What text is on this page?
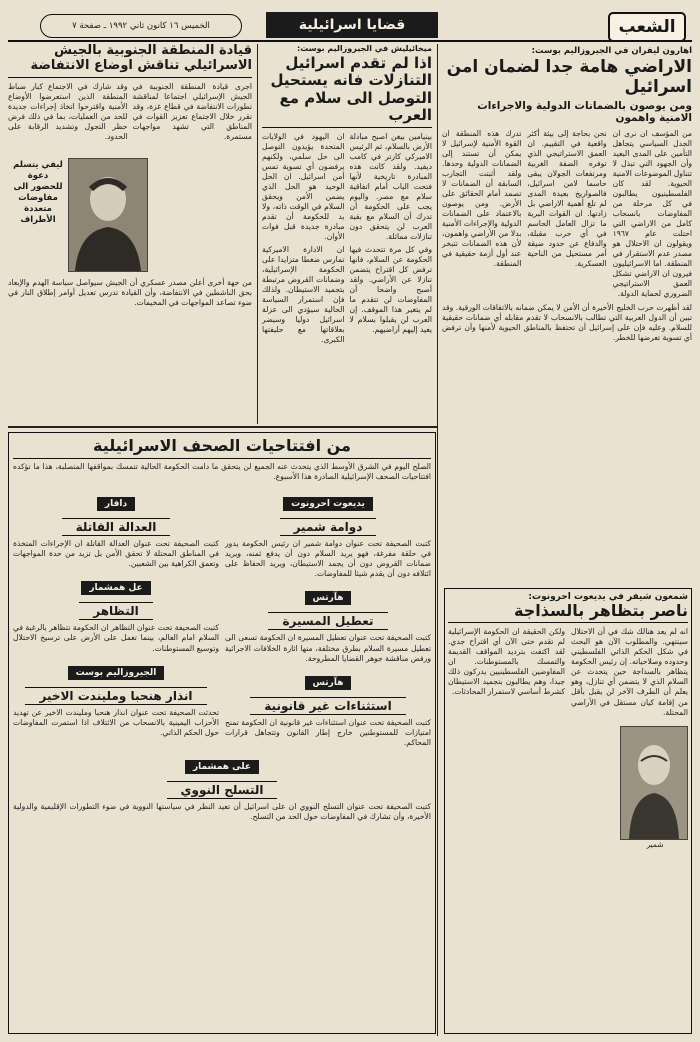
الشعب
قضايا اسرائيلية
الخميس ١٦ كانون ثاني ١٩٩٢ ـ صفحة ٧
اهارون ليفران في الجيروزاليم بوست:
الاراضي هامة جدا لضمان امن اسرائيل
ومن يوصون بالضمانات الدولية والاجراءات الامنية واهمون
من المؤسف ان نرى ان الجدل السياسي يتجاهل التأمين على المدى البعيد وأن الجهود التي تبذل لا تتناول الموضوعات الامنية الحيوية. لقد كان الفلسطينيون يطالبون في كل مرحلة من المفاوضات بانسحاب كامل من الاراضي التي احتلت عام ١٩٦٧ ويقولون ان الاحتلال هو مصدر عدم الاستقرار في المنطقة. اما الاسرائيليون فيرون ان الاراضي تشكل العمق الاستراتيجي الضروري لحماية الدولة.
نحن بحاجة إلى بيئة أكثر واقعية في التقييم. ان العمق الاستراتيجي الذي توفره الضفة الغربية ومرتفعات الجولان يبقى حاسما لامن اسرائيل، فالصواريخ بعيدة المدى لم تلغ أهمية الاراضي بل زادتها. ان القوات البرية ما تزال العامل الحاسم في أي حرب مقبلة، والدفاع عن حدود ضيقة أمر مستحيل من الناحية العسكرية.
تدرك هذه المنطقة ان القوة الأمنية لإسرائيل لا يمكن أن تستند إلى الضمانات الدولية وحدها. ولقد أثبتت التجارب السابقة أن الضمانات لا تصمد أمام الحقائق على الأرض. ومن يوصون بالاعتماد على الضمانات الدولية والإجراءات الأمنية بدلا من الأراضي واهمون، لأن هذه الضمانات تتبخر عند أول أزمة حقيقية في المنطقة.
لقد أظهرت حرب الخليج الأخيرة أن الأمن لا يمكن ضمانه بالاتفاقات الورقية. وقد تبين أن الدول العربية التي تطالب بالانسحاب لا تقدم مقابله أي ضمانات حقيقية للسلام. وعليه فإن على إسرائيل أن تحتفظ بالمناطق الحيوية لأمنها وأن ترفض أي تسوية تعرضها للخطر.
شمعون شيفر في يديعوت احرونوت:
ناصر بتظاهر بالسذاجة
انه لم يعد هنالك شك في أن الاحتلال سينتهي. والمطلوب الآن هو البحث في شكل الحكم الذاتي الفلسطيني وحدوده وصلاحياته. إن رئيس الحكومة يتظاهر بالسذاجة حين يتحدث عن السلام الذي لا يتضمن أي تنازل، وهو يعلم أن الطرف الآخر لن يقبل بأقل من إقامة كيان مستقل في الأراضي المحتلة.
ولكن الحقيقة ان الحكومة الإسرائيلية لم تقدم حتى الآن أي اقتراح جدي. لقد اكتفت بترديد المواقف القديمة والتمسك بالمستوطنات. ان المفاوضين الفلسطينيين يدركون ذلك جيدا، وهم يطالبون بتجميد الاستيطان كشرط أساسي لاستمرار المحادثات.
شمير
ميخائيليش في الجيروزاليم بوست:
اذا لم تقدم اسرائيل التنازلات فانه يستحيل التوصل الى سلام مع العرب
بينيامين بيغن اصبح مبادلة الأرض بالسلام، ثم الرئيس الاميركي كارتر في كامب ديفيد. ولقد كانت هذه المبادرة تاريخية لأنها فتحت الباب أمام اتفاقية سلام مع مصر. واليوم يجب على الحكومة أن تدرك أن السلام مع بقية العرب لن يتحقق دون تنازلات مماثلة.
ان اليهود في الولايات المتحدة يؤيدون التوصل الى حل سلمي، ولكنهم يرفضون أي تسوية تمس أمن اسرائيل. ان الحل الوحيد هو الحل الذي يضمن الأمن ويحقق السلام في الوقت ذاته، ولا بد للحكومة أن تقدم مبادرة جديدة قبل فوات الأوان.
وفي كل مرة تتحدث فيها الحكومة عن السلام، فانها ترفض كل اقتراح يتضمن تنازلا عن الأراضي. ولقد أصبح واضحا أن المفاوضات لن تتقدم ما لم يتغير هذا الموقف. إن العرب لن يقبلوا بسلام لا يعيد إليهم أراضيهم.
ان الادارة الاميركية تمارس ضغطا متزايدا على الحكومة الإسرائيلية، وضمانات القروض مرتبطة بتجميد الاستيطان. ولذلك فإن استمرار السياسة الحالية سيؤدي الى عزلة اسرائيل دوليا وسيضر بعلاقاتها مع حليفتها الكبرى.
قيادة المنطقة الجنوبية بالجيش الاسرائيلي تناقش اوضاع الانتفاضة
اجرى قيادة المنطقة الجنوبية في الجيش الإسرائيلي اجتماعا لمناقشة تطورات الانتفاضة في قطاع غزة، وقد تقرر خلال الاجتماع تعزيز القوات في المناطق التي تشهد مواجهات مستمرة.
وقد شارك في الاجتماع كبار ضباط المنطقة الذين استعرضوا الأوضاع الأمنية واقترحوا اتخاذ إجراءات جديدة للحد من العمليات، بما في ذلك فرض حظر التجول وتشديد الرقابة على الحدود.
ليفي يتسلم دعوة للحضور الى مفاوضات متعددة الأطراف
من جهة أخرى أعلن مصدر عسكري أن الجيش سيواصل سياسة الهدم والإبعاد بحق الناشطين في الانتفاضة، وأن القيادة تدرس تعديل أوامر إطلاق النار في ضوء تصاعد المواجهات في المخيمات.
من افتتاحيات الصحف الاسرائيلية
الصلح اليوم في الشرق الأوسط الذي يتحدث عنه الجميع لن يتحقق ما دامت الحكومة الحالية تتمسك بمواقفها المتصلبة، هذا ما تؤكده افتتاحيات الصحف الإسرائيلية الصادرة هذا الأسبوع.
يديعوت احرونوت
دوامة شمير
كتبت الصحيفة تحت عنوان دوامة شمير ان رئيس الحكومة يدور في حلقة مفرغة، فهو يريد السلام دون أن يدفع ثمنه، ويريد ضمانات القروض دون أن يجمد الاستيطان، ويريد الحفاظ على ائتلافه دون أن يقدم شيئا للمفاوضات.
هآرتس
تعطيل المسيرة
كتبت الصحيفة تحت عنوان تعطيل المسيرة ان الحكومة تسعى الى تعطيل مسيرة السلام بطرق مختلفة، منها اثارة الخلافات الاجرائية ورفض مناقشة جوهر القضايا المطروحة.
هآرتس
استثناءات غير قانونية
كتبت الصحيفة تحت عنوان استثناءات غير قانونية ان الحكومة تمنح امتيازات للمستوطنين خارج إطار القانون وتتجاهل قرارات المحاكم.
دافار
العدالة القاتلة
كتبت الصحيفة تحت عنوان العدالة القاتلة ان الإجراءات المتخذة في المناطق المحتلة لا تحقق الأمن بل تزيد من حدة المواجهات وتعمق الكراهية بين الشعبين.
عل همشمار
التظاهر
كتبت الصحيفة تحت عنوان التظاهر ان الحكومة تتظاهر بالرغبة في السلام امام العالم، بينما تعمل على الأرض على ترسيخ الاحتلال وتوسيع المستوطنات.
الجيروزاليم بوست
انذار هنحبا ومليندت الاخير
تحدثت الصحيفة تحت عنوان انذار هنحبا ومليندت الاخير عن تهديد الأحزاب اليمينية بالانسحاب من الائتلاف اذا استمرت المفاوضات حول الحكم الذاتي.
على همشمار
التسلح النووي
كتبت الصحيفة تحت عنوان التسلح النووي ان على اسرائيل أن تعيد النظر في سياستها النووية في ضوء التطورات الإقليمية والدولية الأخيرة، وأن تشارك في المفاوضات حول الحد من التسلح.
